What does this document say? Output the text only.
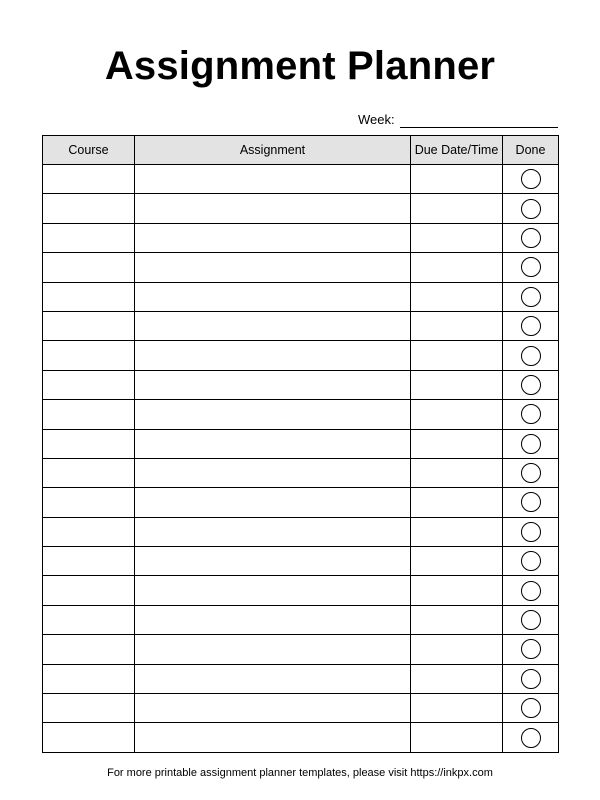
Assignment Planner
Week:
Course	Assignment	Due Date/Time	Done

For more printable assignment planner templates, please visit https://inkpx.com
